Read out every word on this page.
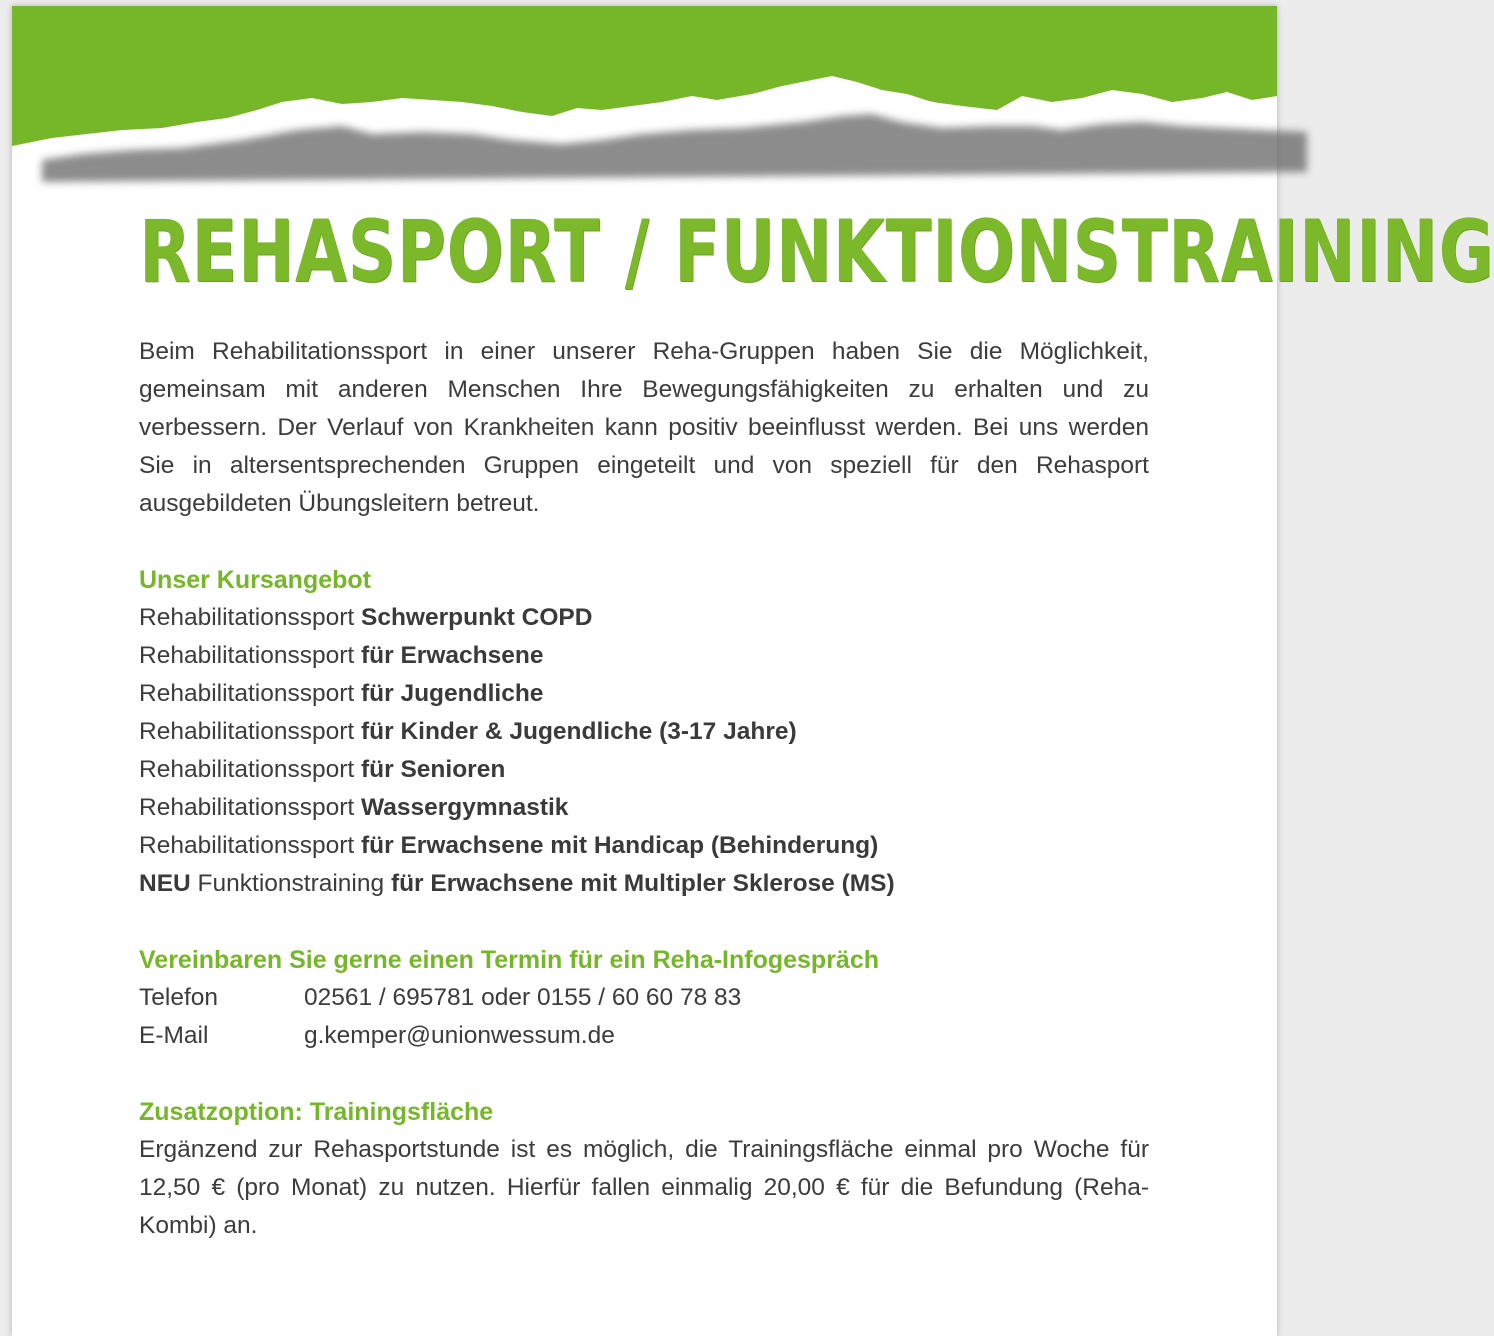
REHASPORT / FUNKTIONSTRAINING

Beim Rehabilitationssport in einer unserer Reha-Gruppen haben Sie die Möglichkeit, gemeinsam mit anderen Menschen Ihre Bewegungsfähigkeiten zu erhalten und zu verbessern. Der Verlauf von Krankheiten kann positiv beeinflusst werden. Bei uns werden Sie in altersentsprechenden Gruppen eingeteilt und von speziell für den Rehasport ausgebildeten Übungsleitern betreut.

Unser Kursangebot

Rehabilitationssport Schwerpunkt COPD

Rehabilitationssport für Erwachsene

Rehabilitationssport für Jugendliche

Rehabilitationssport für Kinder & Jugendliche (3-17 Jahre)

Rehabilitationssport für Senioren

Rehabilitationssport Wassergymnastik

Rehabilitationssport für Erwachsene mit Handicap (Behinderung)

NEU Funktionstraining für Erwachsene mit Multipler Sklerose (MS)

Vereinbaren Sie gerne einen Termin für ein Reha-Infogespräch
Telefon	02561 / 695781 oder 0155 / 60 60 78 83
E-Mail	g.kemper@unionwessum.de
Zusatzoption: Trainingsfläche

Ergänzend zur Rehasportstunde ist es möglich, die Trainingsfläche einmal pro Woche für 12,50 € (pro Monat) zu nutzen. Hierfür fallen einmalig 20,00 € für die Befundung (Reha-Kombi) an.
